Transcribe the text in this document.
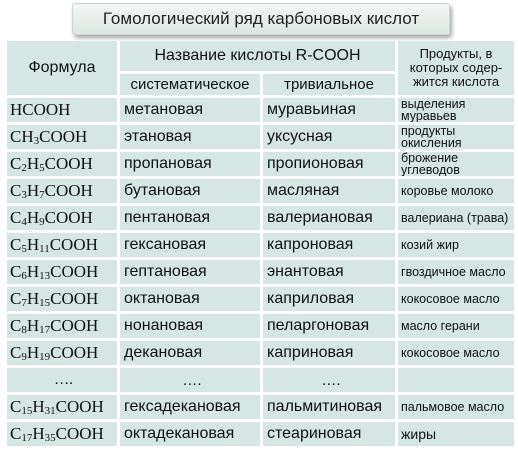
Гомологический ряд карбоновых кислот
Формула	Название кислоты R-COOH		Продукты, в которых содер-жится кислота
	систематическое	тривиальное	
HCOOH	метановая	муравьиная	выделения муравьев
$CH_3COOH$	этановая	уксусная	продукты окисления
$C_2H_5COOH$	пропановая	пропионовая	брожение углеводов
$C_3H_7COOH$	бутановая	масляная	коровье молоко
$C_4H_9COOH$	пентановая	валериановая	валериана (трава)
$C_5H_{11}COOH$	гексановая	капроновая	козий жир
$C_6H_{13}COOH$	гептановая	энантовая	гвоздичное масло
$C_7H_{15}COOH$	октановая	каприловая	кокосовое масло
$C_8H_{17}COOH$	нонановая	пеларгоновая	масло герани
$C_9H_{19}COOH$	декановая	каприновая	кокосовое масло
….	….	….	
$C_{15}H_{31}COOH$	гексадекановая	пальмитиновая	пальмовое масло
$C_{17}H_{35}COOH$	октадекановая	стеариновая	жиры
